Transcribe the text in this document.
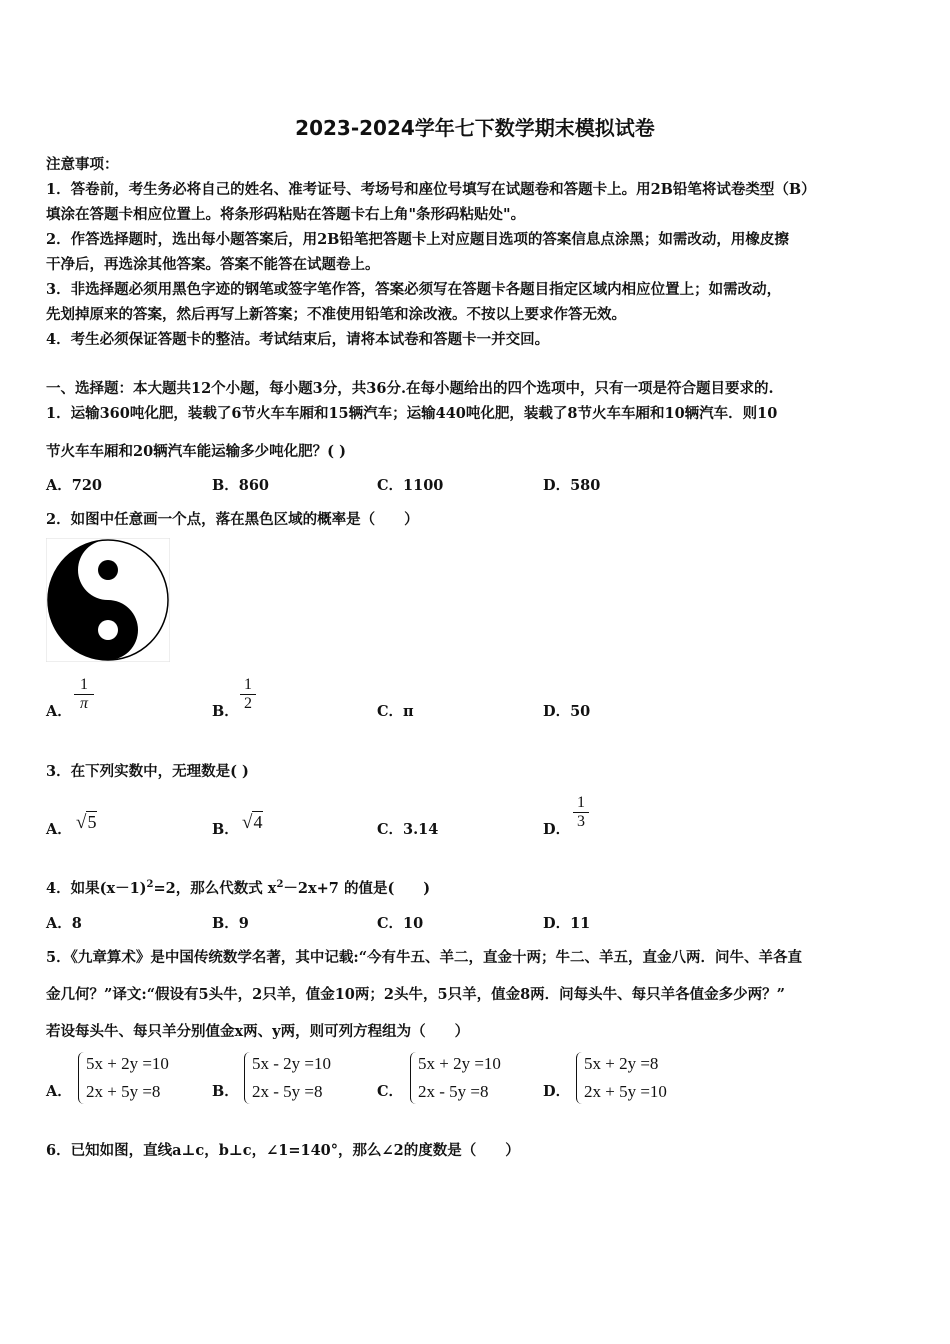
2023-2024学年七下数学期末模拟试卷
注意事项：
1．答卷前，考生务必将自己的姓名、准考证号、考场号和座位号填写在试题卷和答题卡上。用2B铅笔将试卷类型（B）
填涂在答题卡相应位置上。将条形码粘贴在答题卡右上角"条形码粘贴处"。
2．作答选择题时，选出每小题答案后，用2B铅笔把答题卡上对应题目选项的答案信息点涂黑；如需改动，用橡皮擦
干净后，再选涂其他答案。答案不能答在试题卷上。
3．非选择题必须用黑色字迹的钢笔或签字笔作答，答案必须写在答题卡各题目指定区域内相应位置上；如需改动，
先划掉原来的答案，然后再写上新答案；不准使用铅笔和涂改液。不按以上要求作答无效。
4．考生必须保证答题卡的整洁。考试结束后，请将本试卷和答题卡一并交回。
一、选择题：本大题共12个小题，每小题3分，共36分.在每小题给出的四个选项中，只有一项是符合题目要求的.
1．运输360吨化肥，装载了6节火车车厢和15辆汽车；运输440吨化肥，装载了8节火车车厢和10辆汽车．则10
节火车车厢和20辆汽车能运输多少吨化肥？( )
A．720	B．860	C．1100	D．580
2．如图中任意画一个点，落在黑色区域的概率是（　　）
A． $\frac{1}{\pi}$	B． $\frac{1}{2}$	C．π	D．50
3．在下列实数中，无理数是( )
A． √5	B． √4	C．3.14	D． $\frac{1}{3}$
4．如果$(x-1)^2=2$，那么代数式 $x^2-2x+7$ 的值是(　　)
A．8	B．9	C．10	D．11
5．《九章算术》是中国传统数学名著，其中记载:“今有牛五、羊二，直金十两；牛二、羊五，直金八两．问牛、羊各直
金几何？”译文:“假设有5头牛，2只羊，值金10两；2头牛，5只羊，值金8两．问每头牛、每只羊各值金多少两？”
若设每头牛、每只羊分别值金x两、y两，则可列方程组为（　　）
A．
5x + 2y =10
2x + 5y =8	B．
5x - 2y =10
2x - 5y =8	C．
5x + 2y =10
2x - 5y =8	D．
5x + 2y =8
2x + 5y =10
6．已知如图，直线a⊥c，b⊥c，∠1=140°，那么∠2的度数是（　　）
